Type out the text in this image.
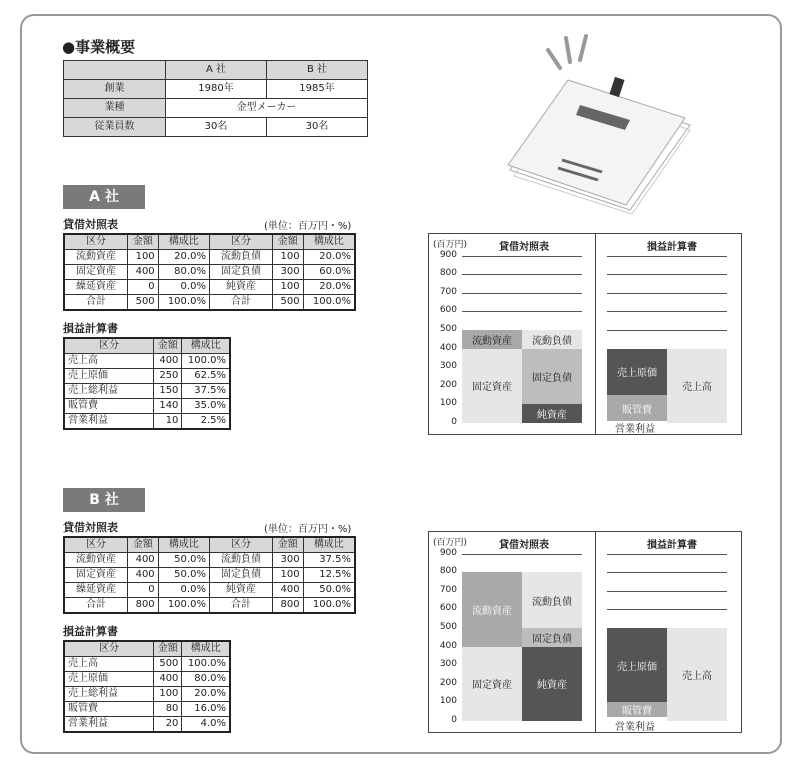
●事業概要
	A 社	B 社
創業	1980年	1985年
業種	金型メーカー	
従業員数	30名	30名
A 社
貸借対照表	(単位：百万円・%)
区分	金額	構成比	区分	金額	構成比
流動資産	100	20.0%	流動負債	100	20.0%
固定資産	400	80.0%	固定負債	300	60.0%
繰延資産	0	0.0%	純資産	100	20.0%
合計	500	100.0%	合計	500	100.0%
損益計算書
区分	金額	構成比
売上高	400	100.0%
売上原価	250	62.5%
売上総利益	150	37.5%
販管費	140	35.0%
営業利益	10	2.5%
(百万円)	貸借対照表	損益計算書
900
800
700
600
500
400
300
200
100
0
固定資産
流動資産
純資産
固定負債
流動負債
販管費
売上原価
売上高
営業利益
B 社
貸借対照表	(単位：百万円・%)
区分	金額	構成比	区分	金額	構成比
流動資産	400	50.0%	流動負債	300	37.5%
固定資産	400	50.0%	固定負債	100	12.5%
繰延資産	0	0.0%	純資産	400	50.0%
合計	800	100.0%	合計	800	100.0%
損益計算書
区分	金額	構成比
売上高	500	100.0%
売上原価	400	80.0%
売上総利益	100	20.0%
販管費	80	16.0%
営業利益	20	4.0%
(百万円)	貸借対照表	損益計算書
900
800
700
600
500
400
300
200
100
0
固定資産
流動資産
純資産
固定負債
流動負債
販管費
売上原価
売上高
営業利益
